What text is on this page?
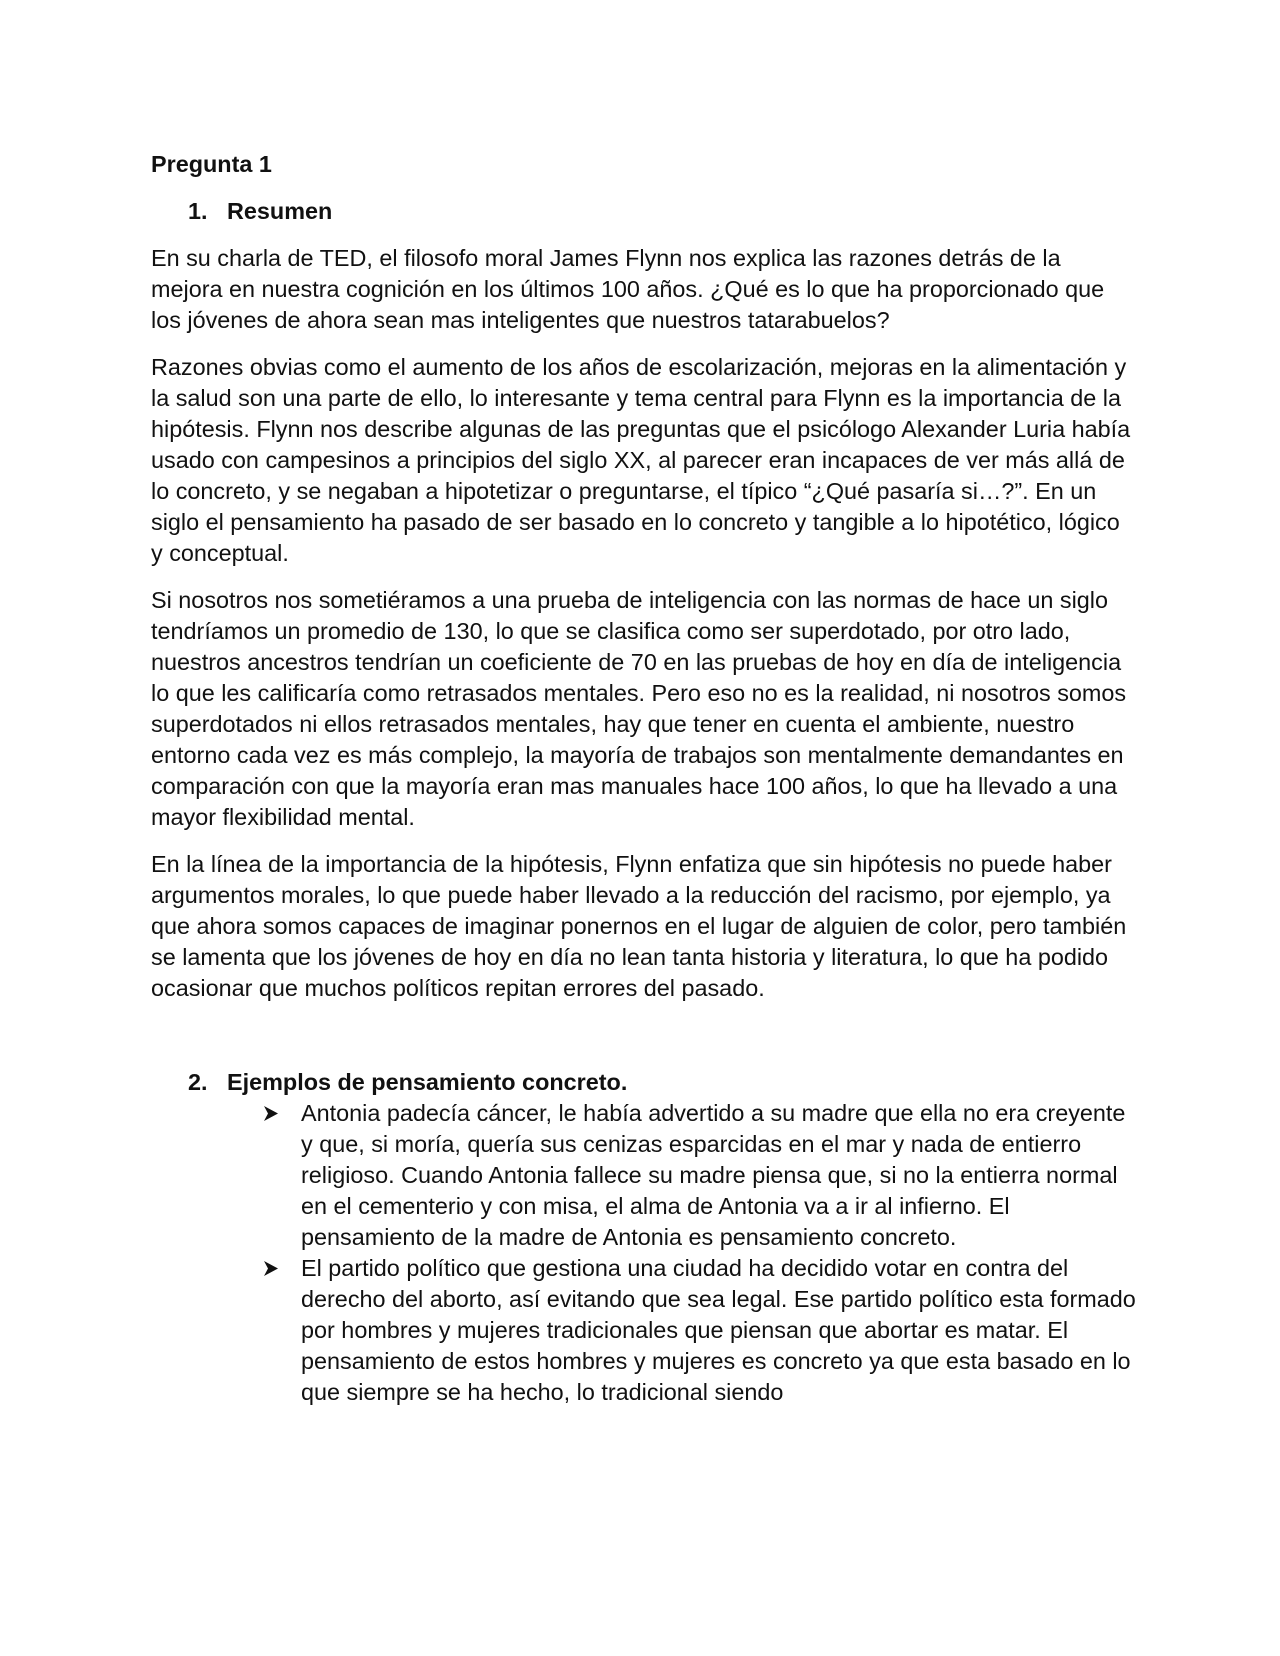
Pregunta 1

1. Resumen

En su charla de TED, el filosofo moral James Flynn nos explica las razones detrás de la mejora en nuestra cognición en los últimos 100 años. ¿Qué es lo que ha proporcionado que los jóvenes de ahora sean mas inteligentes que nuestros tatarabuelos?

Razones obvias como el aumento de los años de escolarización, mejoras en la alimentación y la salud son una parte de ello, lo interesante y tema central para Flynn es la importancia de la hipótesis. Flynn nos describe algunas de las preguntas que el psicólogo Alexander Luria había usado con campesinos a principios del siglo XX, al parecer eran incapaces de ver más allá de lo concreto, y se negaban a hipotetizar o preguntarse, el típico “¿Qué pasaría si…?”. En un siglo el pensamiento ha pasado de ser basado en lo concreto y tangible a lo hipotético, lógico y conceptual.

Si nosotros nos sometiéramos a una prueba de inteligencia con las normas de hace un siglo tendríamos un promedio de 130, lo que se clasifica como ser superdotado, por otro lado, nuestros ancestros tendrían un coeficiente de 70 en las pruebas de hoy en día de inteligencia lo que les calificaría como retrasados mentales. Pero eso no es la realidad, ni nosotros somos superdotados ni ellos retrasados mentales, hay que tener en cuenta el ambiente, nuestro entorno cada vez es más complejo, la mayoría de trabajos son mentalmente demandantes en comparación con que la mayoría eran mas manuales hace 100 años, lo que ha llevado a una mayor flexibilidad mental.

En la línea de la importancia de la hipótesis, Flynn enfatiza que sin hipótesis no puede haber argumentos morales, lo que puede haber llevado a la reducción del racismo, por ejemplo, ya que ahora somos capaces de imaginar ponernos en el lugar de alguien de color, pero también se lamenta que los jóvenes de hoy en día no lean tanta historia y literatura, lo que ha podido ocasionar que muchos políticos repitan errores del pasado.

2. Ejemplos de pensamiento concreto.
Antonia padecía cáncer, le había advertido a su madre que ella no era creyente y que, si moría, quería sus cenizas esparcidas en el mar y nada de entierro religioso. Cuando Antonia fallece su madre piensa que, si no la entierra normal en el cementerio y con misa, el alma de Antonia va a ir al infierno. El pensamiento de la madre de Antonia es pensamiento concreto.
El partido político que gestiona una ciudad ha decidido votar en contra del derecho del aborto, así evitando que sea legal. Ese partido político esta formado por hombres y mujeres tradicionales que piensan que abortar es matar. El pensamiento de estos hombres y mujeres es concreto ya que esta basado en lo que siempre se ha hecho, lo tradicional siendo
